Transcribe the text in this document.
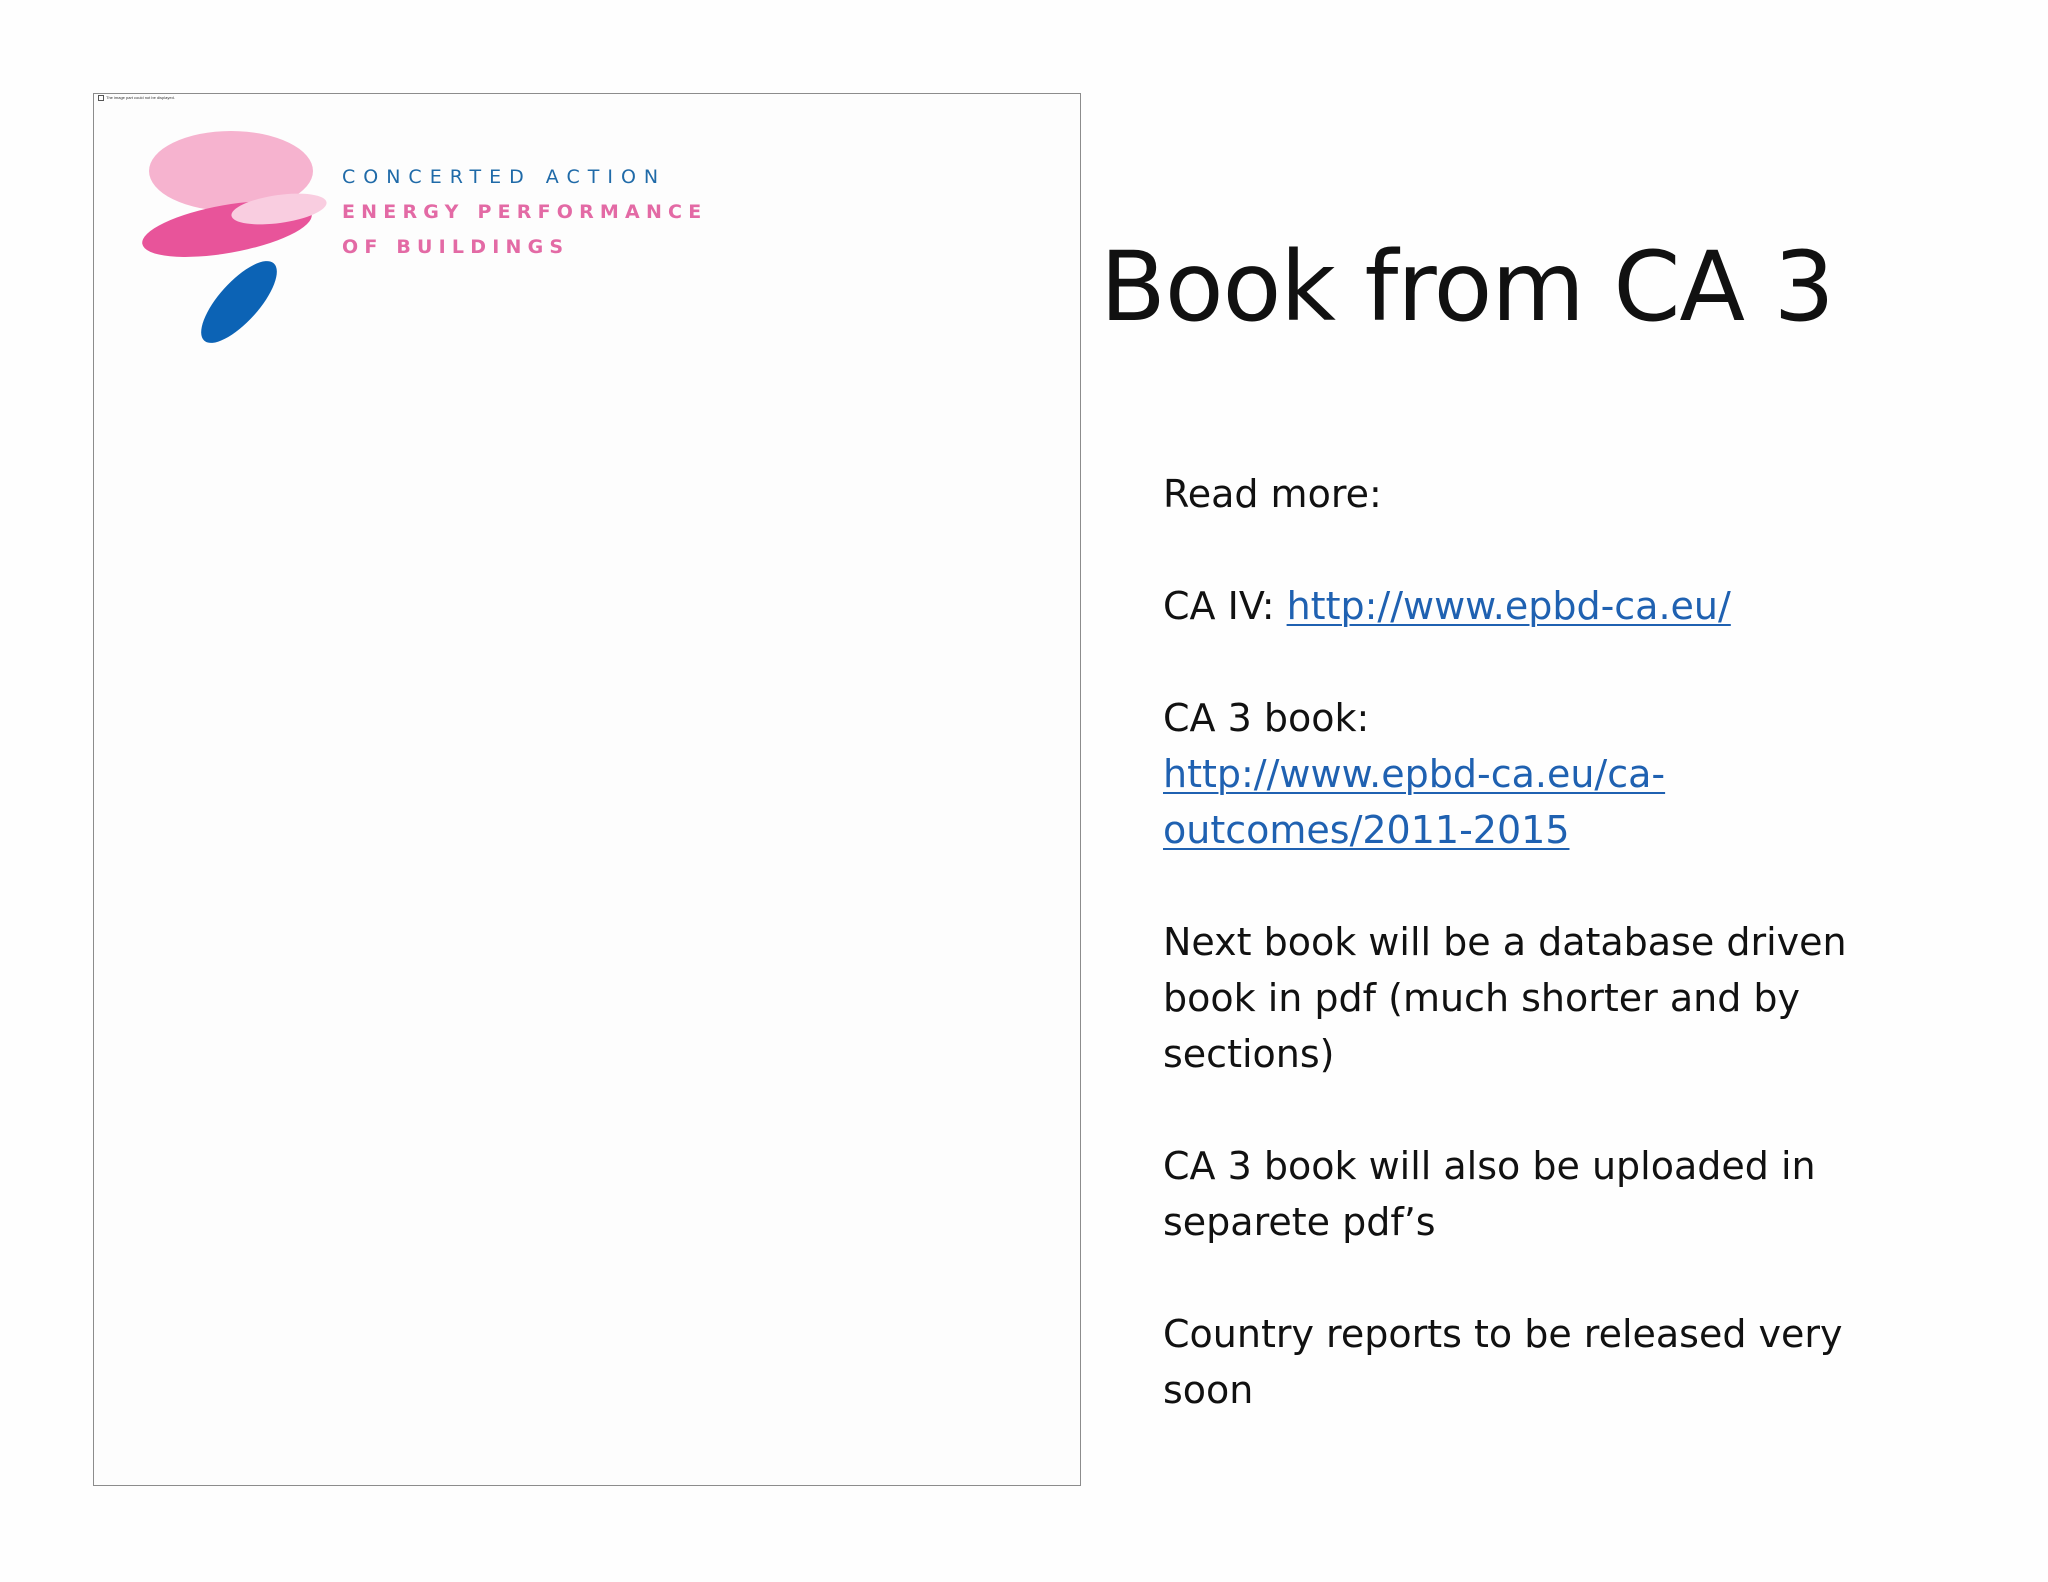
The image part could not be displayed.
CONCERTED ACTION
ENERGY PERFORMANCE
OF BUILDINGS	Book from CA 3
Read more:
CA IV: http://www.epbd-ca.eu/
CA 3 book:
http://www.epbd-ca.eu/ca-
outcomes/2011-2015
Next book will be a database driven
book in pdf (much shorter and by
sections)
CA 3 book will also be uploaded in
separete pdf’s
Country reports to be released very
soon
